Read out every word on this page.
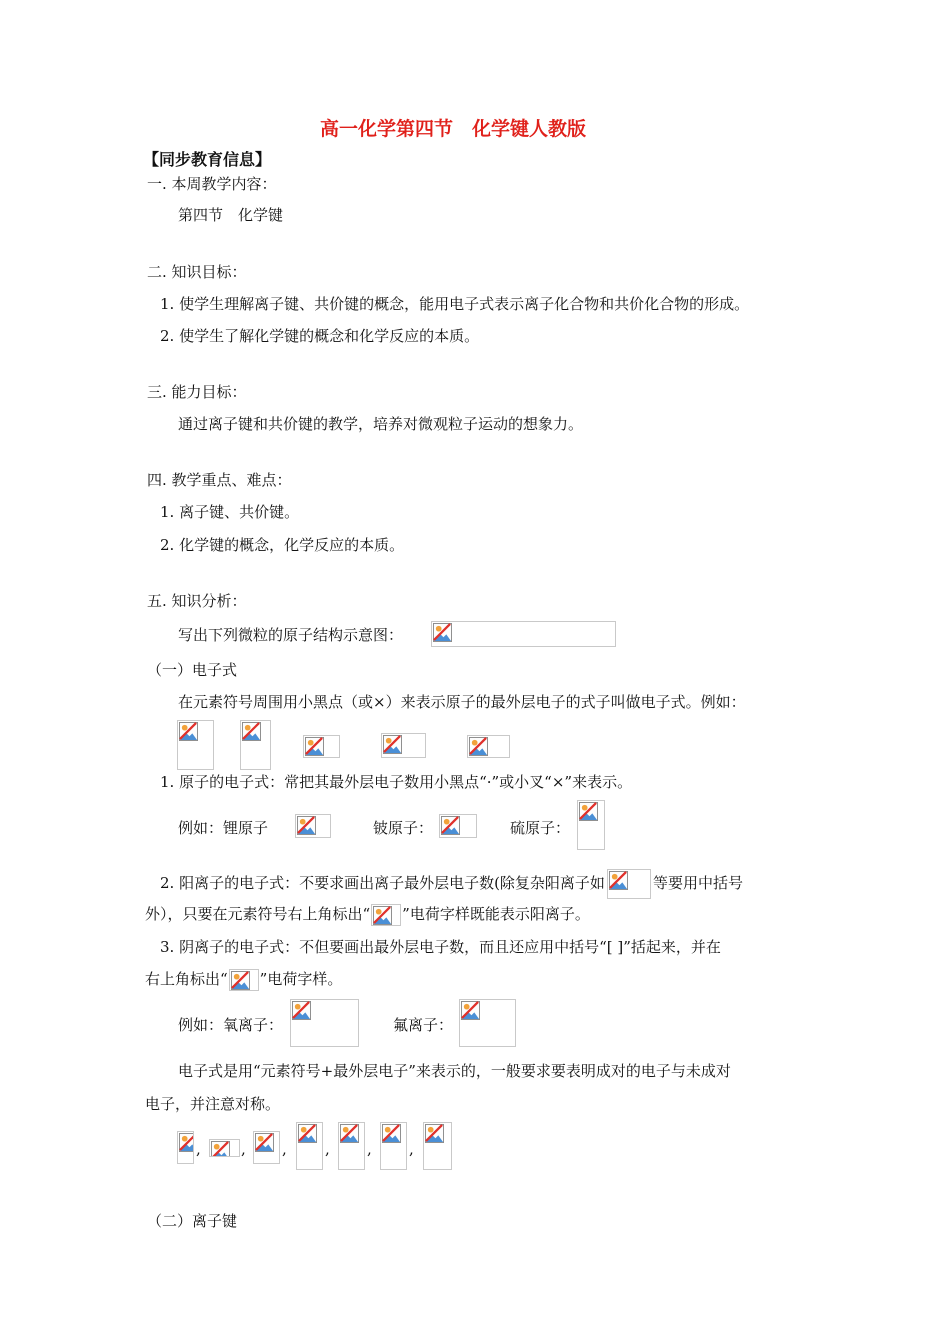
高一化学第四节　化学键人教版
【同步教育信息】
一. 本周教学内容：
第四节　化学键
二. 知识目标：
1. 使学生理解离子键、共价键的概念，能用电子式表示离子化合物和共价化合物的形成。
2. 使学生了解化学键的概念和化学反应的本质。
三. 能力目标：
通过离子键和共价键的教学，培养对微观粒子运动的想象力。
四. 教学重点、难点：
1. 离子键、共价键。
2. 化学键的概念，化学反应的本质。
五. 知识分析：
写出下列微粒的原子结构示意图：
（一）电子式
在元素符号周围用小黑点（或×）来表示原子的最外层电子的式子叫做电子式。例如：
1. 原子的电子式：常把其最外层电子数用小黑点“·”或小叉“×”来表示。
例如：锂原子	铍原子：	硫原子：
2. 阳离子的电子式：不要求画出离子最外层电子数(除复杂阳离子如	等要用中括号
外），只要在元素符号右上角标出“ ”电荷字样既能表示阳离子。
3. 阴离子的电子式：不但要画出最外层电子数，而且还应用中括号“[ ]”括起来，并在
右上角标出“ ”电荷字样。
例如：氧离子：	氟离子：
电子式是用“元素符号+最外层电子”来表示的，一般要求要表明成对的电子与未成对
电子，并注意对称。
,	, ,	, , ,
（二）离子键
